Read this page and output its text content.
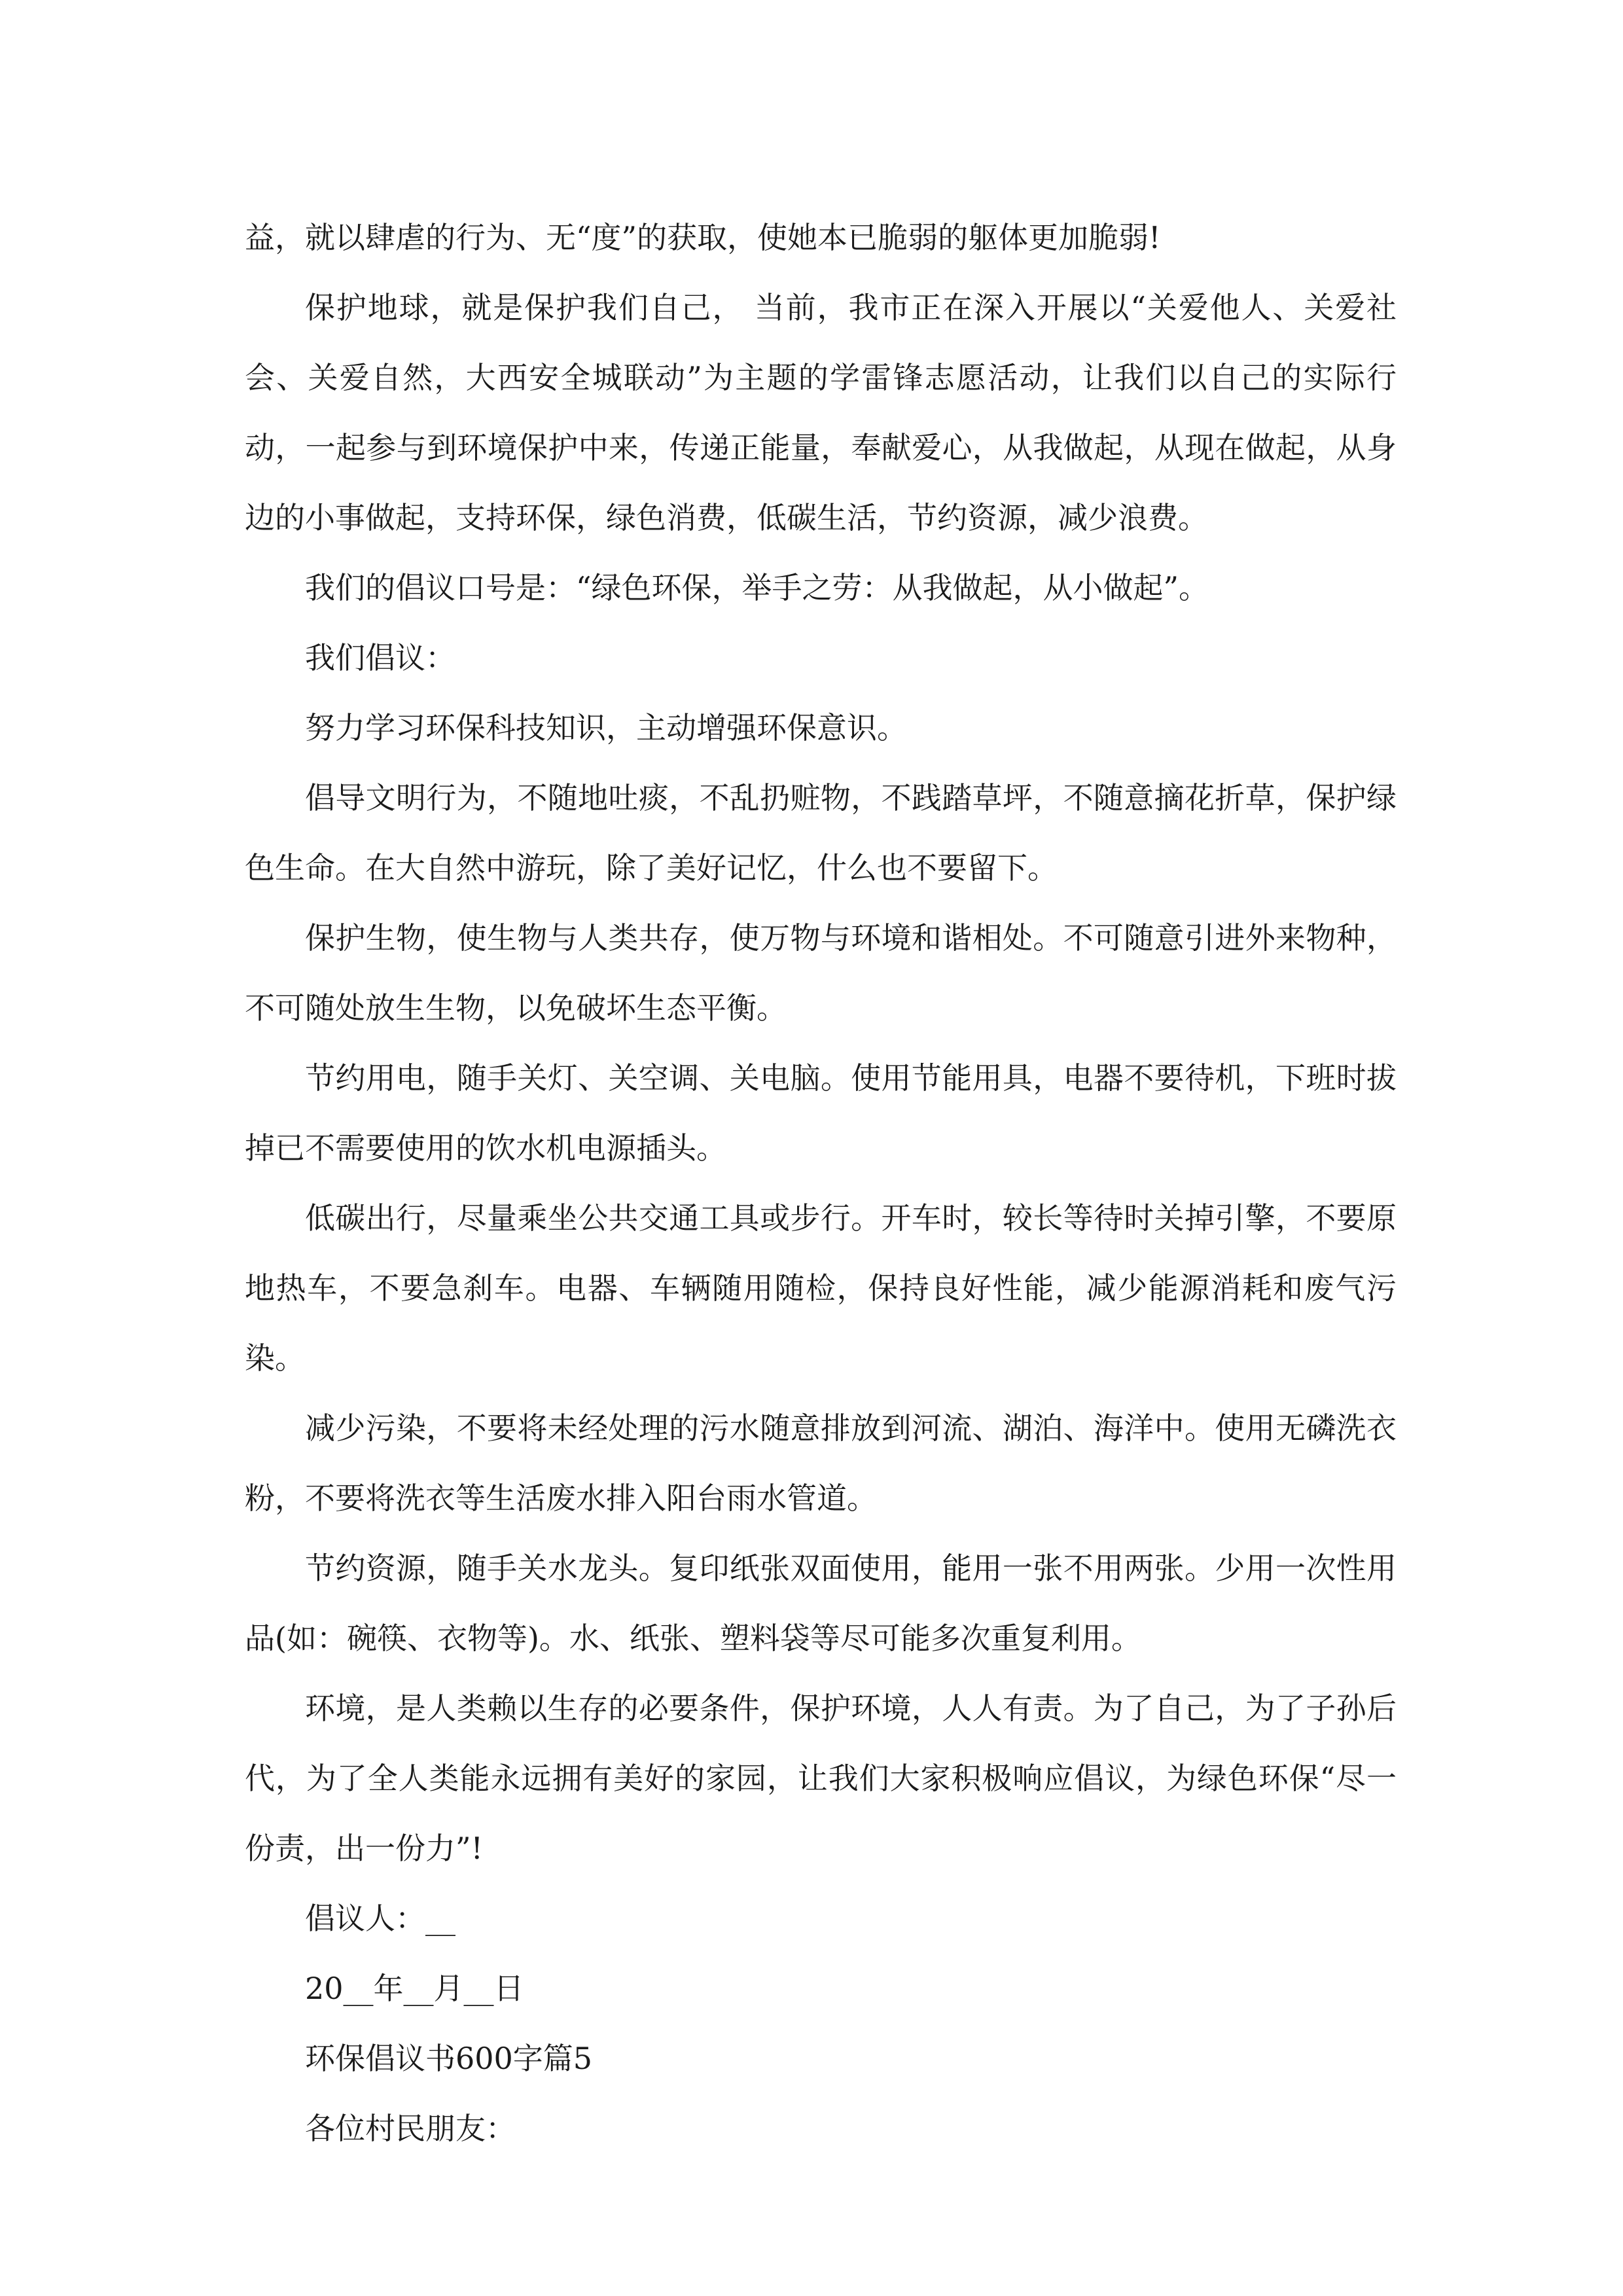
益，就以肆虐的行为、无“度”的获取，使她本已脆弱的躯体更加脆弱!

保护地球，就是保护我们自己， 当前，我市正在深入开展以“关爱他人、关爱社会、关爱自然，大西安全城联动”为主题的学雷锋志愿活动，让我们以自己的实际行动，一起参与到环境保护中来，传递正能量，奉献爱心，从我做起，从现在做起，从身边的小事做起，支持环保，绿色消费，低碳生活，节约资源，减少浪费。

我们的倡议口号是：“绿色环保，举手之劳：从我做起，从小做起”。

我们倡议：

努力学习环保科技知识，主动增强环保意识。

倡导文明行为，不随地吐痰，不乱扔赃物，不践踏草坪，不随意摘花折草，保护绿色生命。在大自然中游玩，除了美好记忆，什么也不要留下。

保护生物，使生物与人类共存，使万物与环境和谐相处。不可随意引进外来物种，不可随处放生生物，以免破坏生态平衡。

节约用电，随手关灯、关空调、关电脑。使用节能用具，电器不要待机，下班时拔掉已不需要使用的饮水机电源插头。

低碳出行，尽量乘坐公共交通工具或步行。开车时，较长等待时关掉引擎，不要原地热车，不要急刹车。电器、车辆随用随检，保持良好性能，减少能源消耗和废气污染。

减少污染，不要将未经处理的污水随意排放到河流、湖泊、海洋中。使用无磷洗衣粉，不要将洗衣等生活废水排入阳台雨水管道。

节约资源，随手关水龙头。复印纸张双面使用，能用一张不用两张。少用一次性用品(如：碗筷、衣物等)。水、纸张、塑料袋等尽可能多次重复利用。

环境，是人类赖以生存的必要条件，保护环境，人人有责。为了自己，为了子孙后代，为了全人类能永远拥有美好的家园，让我们大家积极响应倡议，为绿色环保“尽一份责，出一份力”!

倡议人：__

20__年__月__日

环保倡议书600字篇5

各位村民朋友：
